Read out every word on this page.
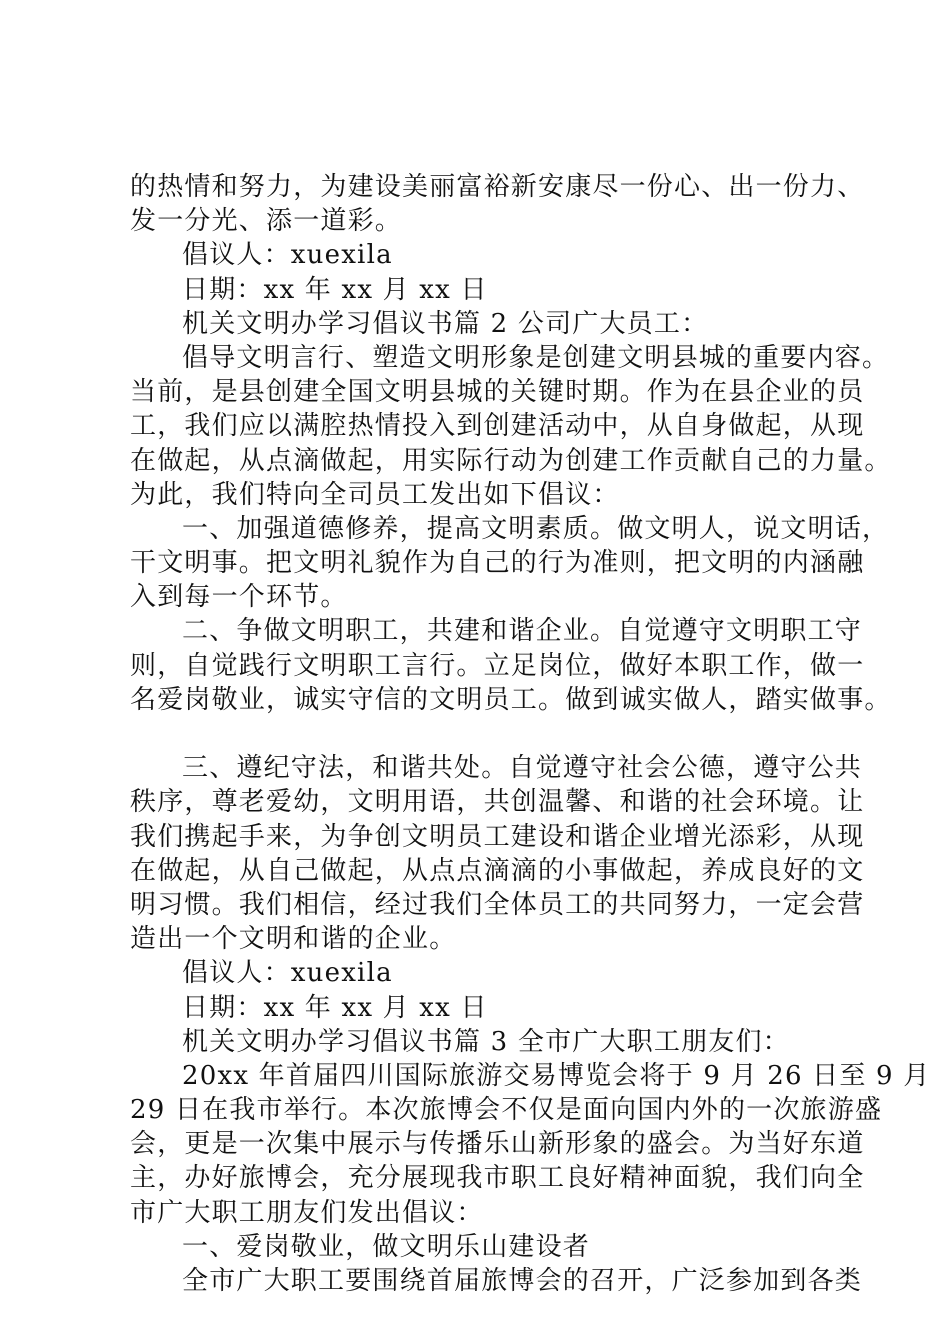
的热情和努力，为建设美丽富裕新安康尽一份心、出一份力、
发一分光、添一道彩。
倡议人：xuexila
日期：xx 年 xx 月 xx 日
机关文明办学习倡议书篇 2 公司广大员工：
倡导文明言行、塑造文明形象是创建文明县城的重要内容。
当前，是县创建全国文明县城的关键时期。作为在县企业的员
工，我们应以满腔热情投入到创建活动中，从自身做起，从现
在做起，从点滴做起，用实际行动为创建工作贡献自己的力量。
为此，我们特向全司员工发出如下倡议：
一、加强道德修养，提高文明素质。做文明人，说文明话，
干文明事。把文明礼貌作为自己的行为准则，把文明的内涵融
入到每一个环节。
二、争做文明职工，共建和谐企业。自觉遵守文明职工守
则，自觉践行文明职工言行。立足岗位，做好本职工作，做一
名爱岗敬业，诚实守信的文明员工。做到诚实做人，踏实做事。
三、遵纪守法，和谐共处。自觉遵守社会公德，遵守公共
秩序，尊老爱幼，文明用语，共创温馨、和谐的社会环境。让
我们携起手来，为争创文明员工建设和谐企业增光添彩，从现
在做起，从自己做起，从点点滴滴的小事做起，养成良好的文
明习惯。我们相信，经过我们全体员工的共同努力，一定会营
造出一个文明和谐的企业。
倡议人：xuexila
日期：xx 年 xx 月 xx 日
机关文明办学习倡议书篇 3 全市广大职工朋友们：
20xx 年首届四川国际旅游交易博览会将于 9 月 26 日至 9 月
29 日在我市举行。本次旅博会不仅是面向国内外的一次旅游盛
会，更是一次集中展示与传播乐山新形象的盛会。为当好东道
主，办好旅博会，充分展现我市职工良好精神面貌，我们向全
市广大职工朋友们发出倡议：
一、爱岗敬业，做文明乐山建设者
全市广大职工要围绕首届旅博会的召开，广泛参加到各类
